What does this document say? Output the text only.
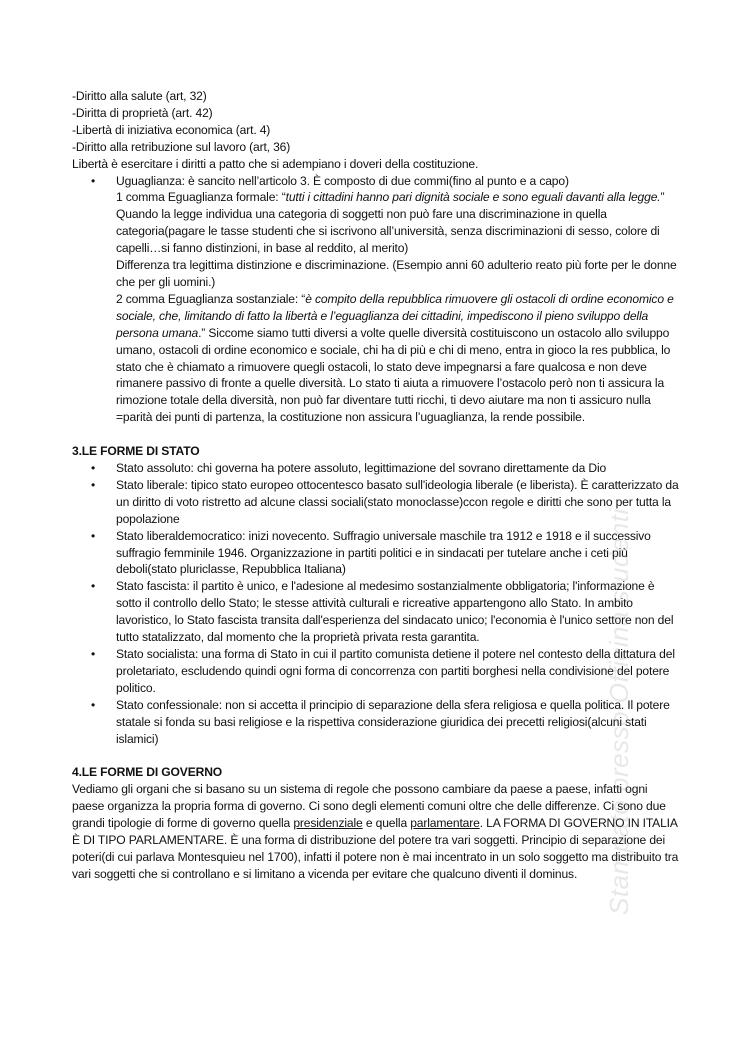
-Diritto alla salute (art, 32)
-Diritta di proprietà (art. 42)
-Libertà di iniziativa economica (art. 4)
-Diritto alla retribuzione sul lavoro (art, 36)
Libertà è esercitare i diritti a patto che si adempiano i doveri della costituzione.
• Uguaglianza: è sancito nell’articolo 3. È composto di due commi(fino al punto e a capo)
1 comma Eguaglianza formale: “tutti i cittadini hanno pari dignità sociale e sono eguali davanti alla legge.” Quando la legge individua una categoria di soggetti non può fare una discriminazione in quella categoria(pagare le tasse studenti che si iscrivono all’università, senza discriminazioni di sesso, colore di capelli…si fanno distinzioni, in base al reddito, al merito)
Differenza tra legittima distinzione e discriminazione. (Esempio anni 60 adulterio reato più forte per le donne che per gli uomini.)
2 comma Eguaglianza sostanziale: “è compito della repubblica rimuovere gli ostacoli di ordine economico e sociale, che, limitando di fatto la libertà e l’eguaglianza dei cittadini, impediscono il pieno sviluppo della persona umana.” Siccome siamo tutti diversi a volte quelle diversità costituiscono un ostacolo allo sviluppo umano, ostacoli di ordine economico e sociale, chi ha di più e chi di meno, entra in gioco la res pubblica, lo stato che è chiamato a rimuovere quegli ostacoli, lo stato deve impegnarsi a fare qualcosa e non deve rimanere passivo di fronte a quelle diversità. Lo stato ti aiuta a rimuovere l’ostacolo però non ti assicura la rimozione totale della diversità, non può far diventare tutti ricchi, ti devo aiutare ma non ti assicuro nulla =parità dei punti di partenza, la costituzione non assicura l’uguaglianza, la rende possibile.
3.LE FORME DI STATO
• Stato assoluto: chi governa ha potere assoluto, legittimazione del sovrano direttamente da Dio
• Stato liberale: tipico stato europeo ottocentesco basato sull'ideologia liberale (e liberista). È caratterizzato da un diritto di voto ristretto ad alcune classi sociali(stato monoclasse)ccon regole e diritti che sono per tutta la popolazione
• Stato liberaldemocratico: inizi novecento. Suffragio universale maschile tra 1912 e 1918 e il successivo suffragio femminile 1946. Organizzazione in partiti politici e in sindacati per tutelare anche i ceti più deboli(stato pluriclasse, Repubblica Italiana)
• Stato fascista: il partito è unico, e l'adesione al medesimo sostanzialmente obbligatoria; l'informazione è sotto il controllo dello Stato; le stesse attività culturali e ricreative appartengono allo Stato. In ambito lavoristico, lo Stato fascista transita dall'esperienza del sindacato unico; l'economia è l'unico settore non del tutto statalizzato, dal momento che la proprietà privata resta garantita.
• Stato socialista: una forma di Stato in cui il partito comunista detiene il potere nel contesto della dittatura del proletariato, escludendo quindi ogni forma di concorrenza con partiti borghesi nella condivisione del potere politico.
• Stato confessionale: non si accetta il principio di separazione della sfera religiosa e quella politica. Il potere statale si fonda su basi religiose e la rispettiva considerazione giuridica dei precetti religiosi(alcuni stati islamici)
4.LE FORME DI GOVERNO
Vediamo gli organi che si basano su un sistema di regole che possono cambiare da paese a paese, infatti ogni paese organizza la propria forma di governo. Ci sono degli elementi comuni oltre che delle differenze. Ci sono due grandi tipologie di forme di governo quella presidenziale e quella parlamentare. LA FORMA DI GOVERNO IN ITALIA È DI TIPO PARLAMENTARE. È una forma di distribuzione del potere tra vari soggetti. Principio di separazione dei poteri(di cui parlava Montesquieu nel 1700), infatti il potere non è mai incentrato in un solo soggetto ma distribuito tra vari soggetti che si controllano e si limitano a vicenda per evitare che qualcuno diventi il dominus.	Stampato presso Officina studenti
